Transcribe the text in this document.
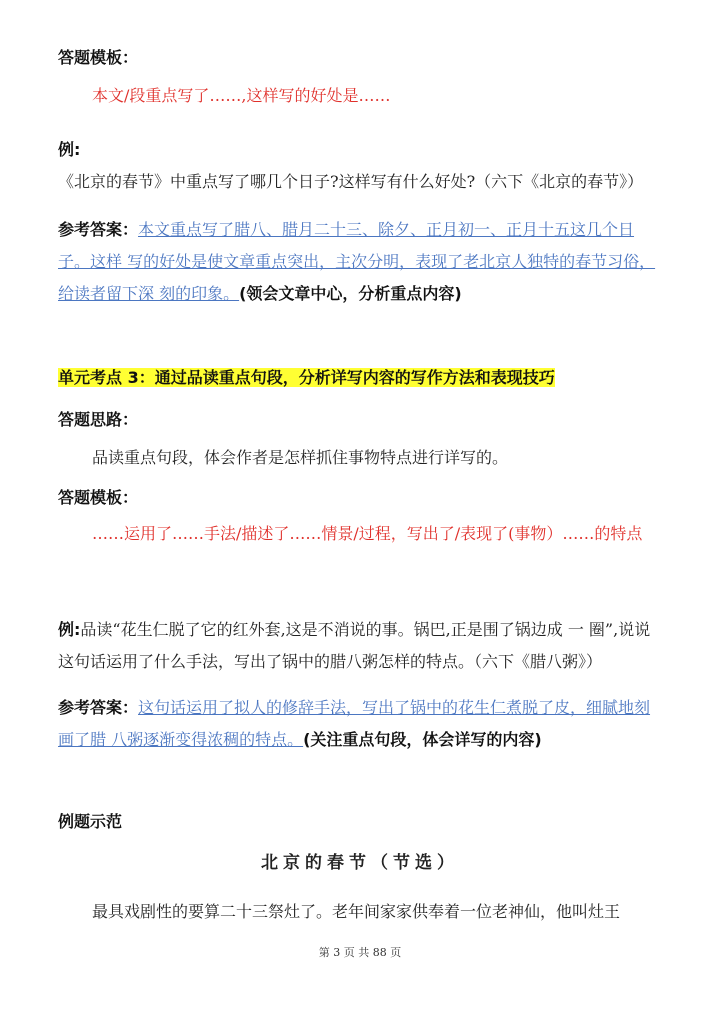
答题模板：
本文/段重点写了……,这样写的好处是……
例:《北京的春节》中重点写了哪几个日子?这样写有什么好处?（六下《北京的春节》）
参考答案：本文重点写了腊八、腊月二十三、除夕、正月初一、正月十五这几个日子。这样 写的好处是使文章重点突出，主次分明，表现了老北京人独特的春节习俗，给读者留下深 刻的印象。(领会文章中心，分析重点内容)
单元考点 3：通过品读重点句段，分析详写内容的写作方法和表现技巧
答题思路：
品读重点句段，体会作者是怎样抓住事物特点进行详写的。
答题模板：
……运用了……手法/描述了……情景/过程，写出了/表现了(事物）……的特点
例:品读“花生仁脱了它的红外套,这是不消说的事。锅巴,正是围了锅边成 一 圈”,说说这句话运用了什么手法，写出了锅中的腊八粥怎样的特点。（六下《腊八粥》）
参考答案：这句话运用了拟人的修辞手法，写出了锅中的花生仁煮脱了皮，细腻地刻画了腊 八粥逐渐变得浓稠的特点。(关注重点句段，体会详写的内容)
例题示范
北京的春节（节选）
最具戏剧性的要算二十三祭灶了。老年间家家供奉着一位老神仙，他叫灶王
第 3 页 共 88 页
